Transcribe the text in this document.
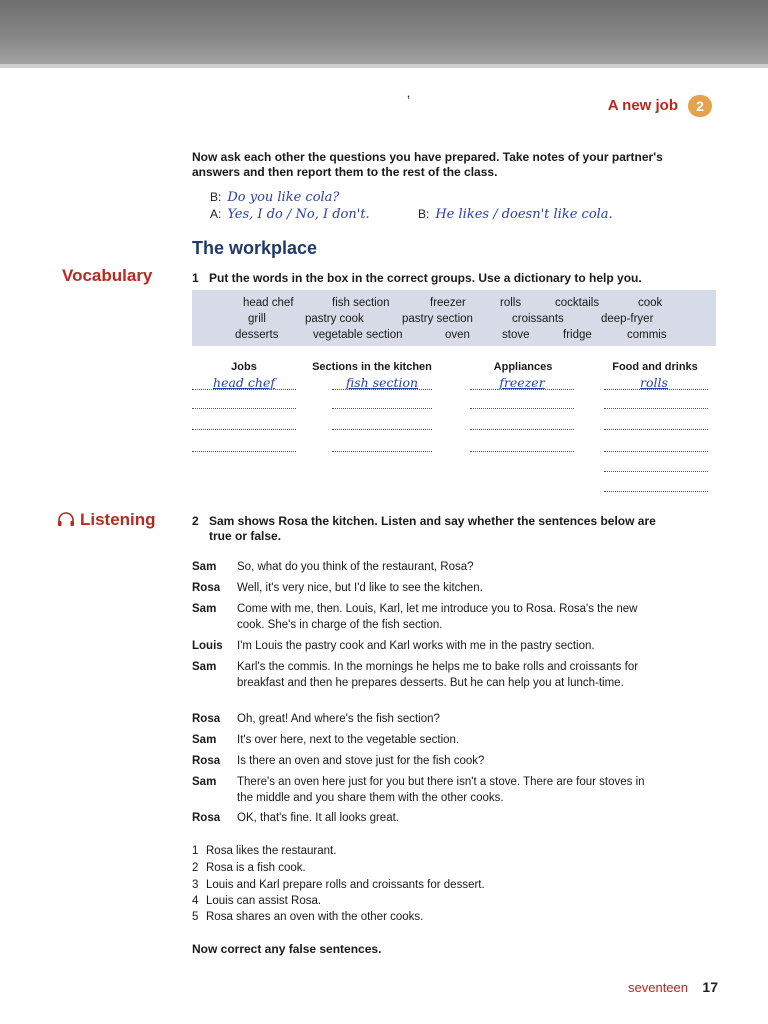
ʼ	A new job	2
Now ask each other the questions you have prepared. Take notes of your partner's answers and then report them to the rest of the class.
B: Do you like cola?
A: Yes, I do / No, I don't.	B: He likes / doesn't like cola.
The workplace
Vocabulary	1 Put the words in the box in the correct groups. Use a dictionary to help you.
head chef	fish section	freezer	rolls	cocktails	cook
grill	pastry cook	pastry section	croissants	deep-fryer
desserts	vegetable section	oven	stove	fridge	commis
Jobs	Sections in the kitchen	Appliances	Food and drinks
head chef	fish section	freezer	rolls
Listening	2 Sam shows Rosa the kitchen. Listen and say whether the sentences below are true or false.
Sam So, what do you think of the restaurant, Rosa?
Rosa Well, it's very nice, but I'd like to see the kitchen.
Sam Come with me, then. Louis, Karl, let me introduce you to Rosa. Rosa's the new cook. She's in charge of the fish section.
Louis I'm Louis the pastry cook and Karl works with me in the pastry section.
Sam Karl's the commis. In the mornings he helps me to bake rolls and croissants for breakfast and then he prepares desserts. But he can help you at lunch-time.
Rosa Oh, great! And where's the fish section?
Sam It's over here, next to the vegetable section.
Rosa Is there an oven and stove just for the fish cook?
Sam There's an oven here just for you but there isn't a stove. There are four stoves in the middle and you share them with the other cooks.
Rosa OK, that's fine. It all looks great.
1 Rosa likes the restaurant.
2 Rosa is a fish cook.
3 Louis and Karl prepare rolls and croissants for dessert.
4 Louis can assist Rosa.
5 Rosa shares an oven with the other cooks.
Now correct any false sentences.
seventeen 17
